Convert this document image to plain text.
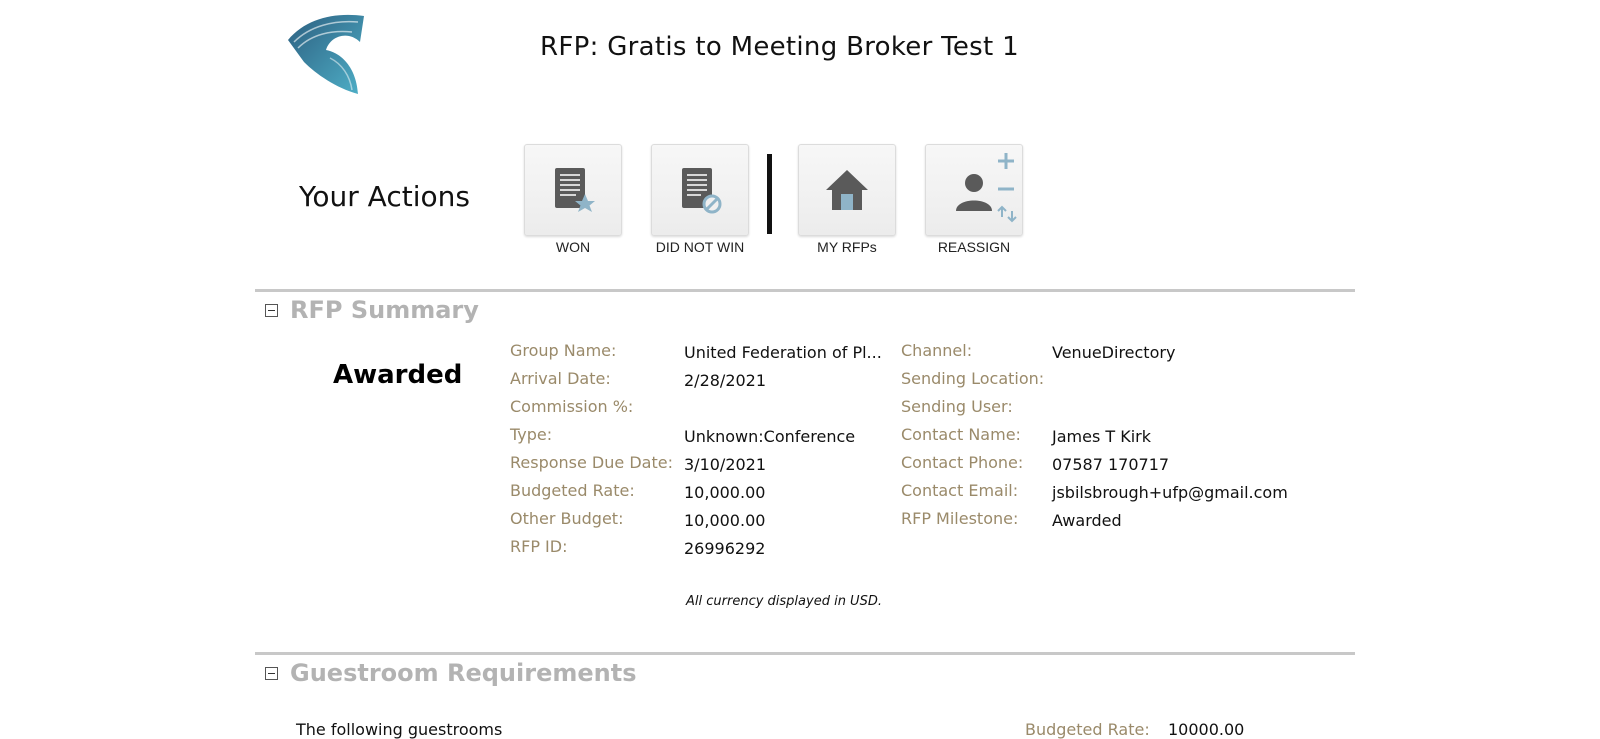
RFP: Gratis to Meeting Broker Test 1
Your Actions
WON	DID NOT WIN	MY RFPs	REASSIGN
RFP Summary
Awarded
Group Name:	United Federation of Pl...
Arrival Date:	2/28/2021
Commission %:
Type:	Unknown:Conference
Response Due Date: 3/10/2021
Budgeted Rate:	10,000.00
Other Budget:	10,000.00
RFP ID:	26996292
Channel:	VenueDirectory
Sending Location:
Sending User:
Contact Name: James T Kirk
Contact Phone: 07587 170717
Contact Email: jsbilsbrough+ufp@gmail.com
RFP Milestone: Awarded
All currency displayed in USD.
Guestroom Requirements
The following guestrooms	Budgeted Rate: 10000.00
